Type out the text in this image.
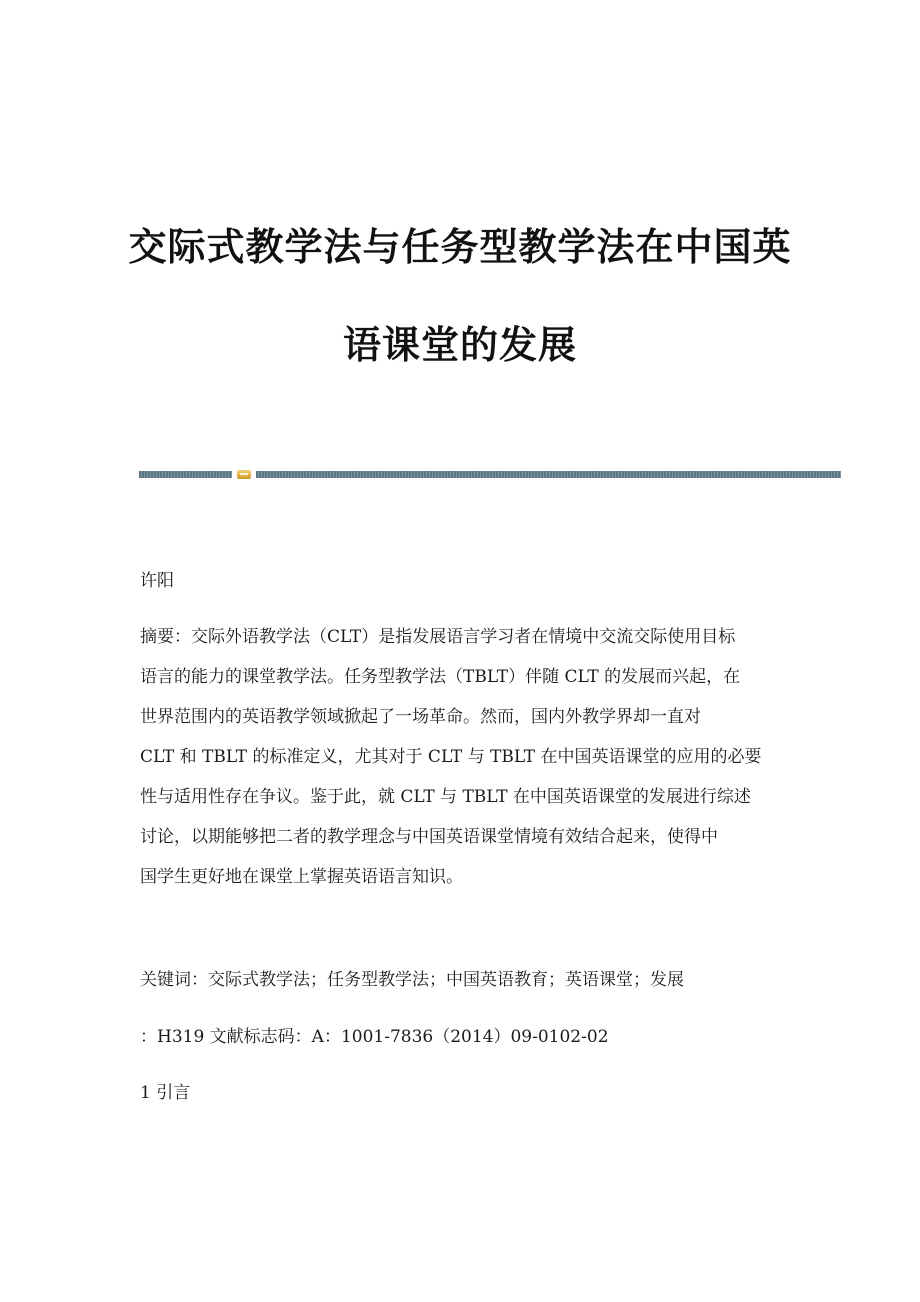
交际式教学法与任务型教学法在中国英
语课堂的发展
许阳
摘要：交际外语教学法（CLT）是指发展语言学习者在情境中交流交际使用目标
语言的能力的课堂教学法。任务型教学法（TBLT）伴随 CLT 的发展而兴起，在
世界范围内的英语教学领域掀起了一场革命。然而，国内外教学界却一直对
CLT 和 TBLT 的标准定义，尤其对于 CLT 与 TBLT 在中国英语课堂的应用的必要
性与适用性存在争议。鉴于此，就 CLT 与 TBLT 在中国英语课堂的发展进行综述
讨论，以期能够把二者的教学理念与中国英语课堂情境有效结合起来，使得中
国学生更好地在课堂上掌握英语语言知识。
关键词：交际式教学法；任务型教学法；中国英语教育；英语课堂；发展
：H319 文献标志码：A：1001-7836（2014）09-0102-02
1 引言
